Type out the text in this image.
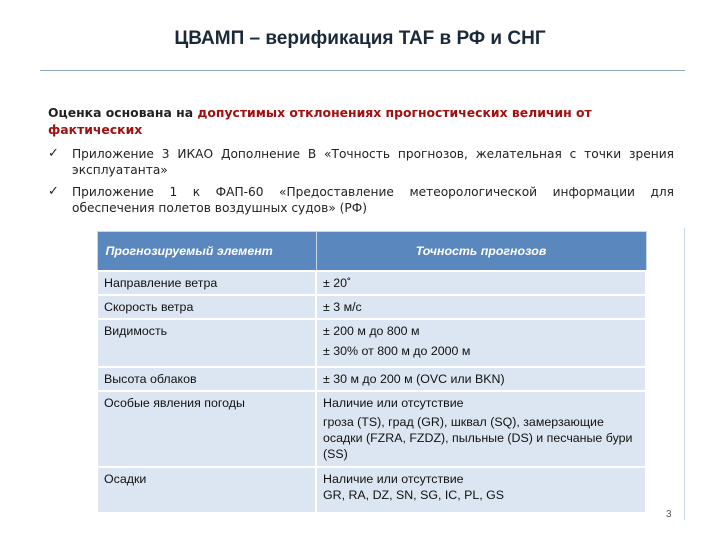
ЦВАМП – верификация TAF в РФ и СНГ
Оценка основана на допустимых отклонениях прогностических величин от фактических
✓	Приложение 3 ИКАО Дополнение В «Точность прогнозов, желательная с точки зрения эксплуатанта»
✓	Приложение 1 к ФАП-60 «Предоставление метеорологической информации для обеспечения полетов воздушных судов» (РФ)
Прогнозируемый элемент	Точность прогнозов
Направление ветра	± 20˚

Скорость ветра	± 3 м/с

Видимость	± 200 м до 800 м
± 30% от 800 м до 2000 м

Высота облаков	± 30 м до 200 м (OVC или BKN)

Особые явления погоды	Наличие или отсутствие
гроза (TS), град (GR), шквал (SQ), замерзающие осадки (FZRA, FZDZ), пыльные (DS) и песчаные бури (SS)

Осадки	Наличие или отсутствие
GR, RA, DZ, SN, SG, IC, PL, GS
3
